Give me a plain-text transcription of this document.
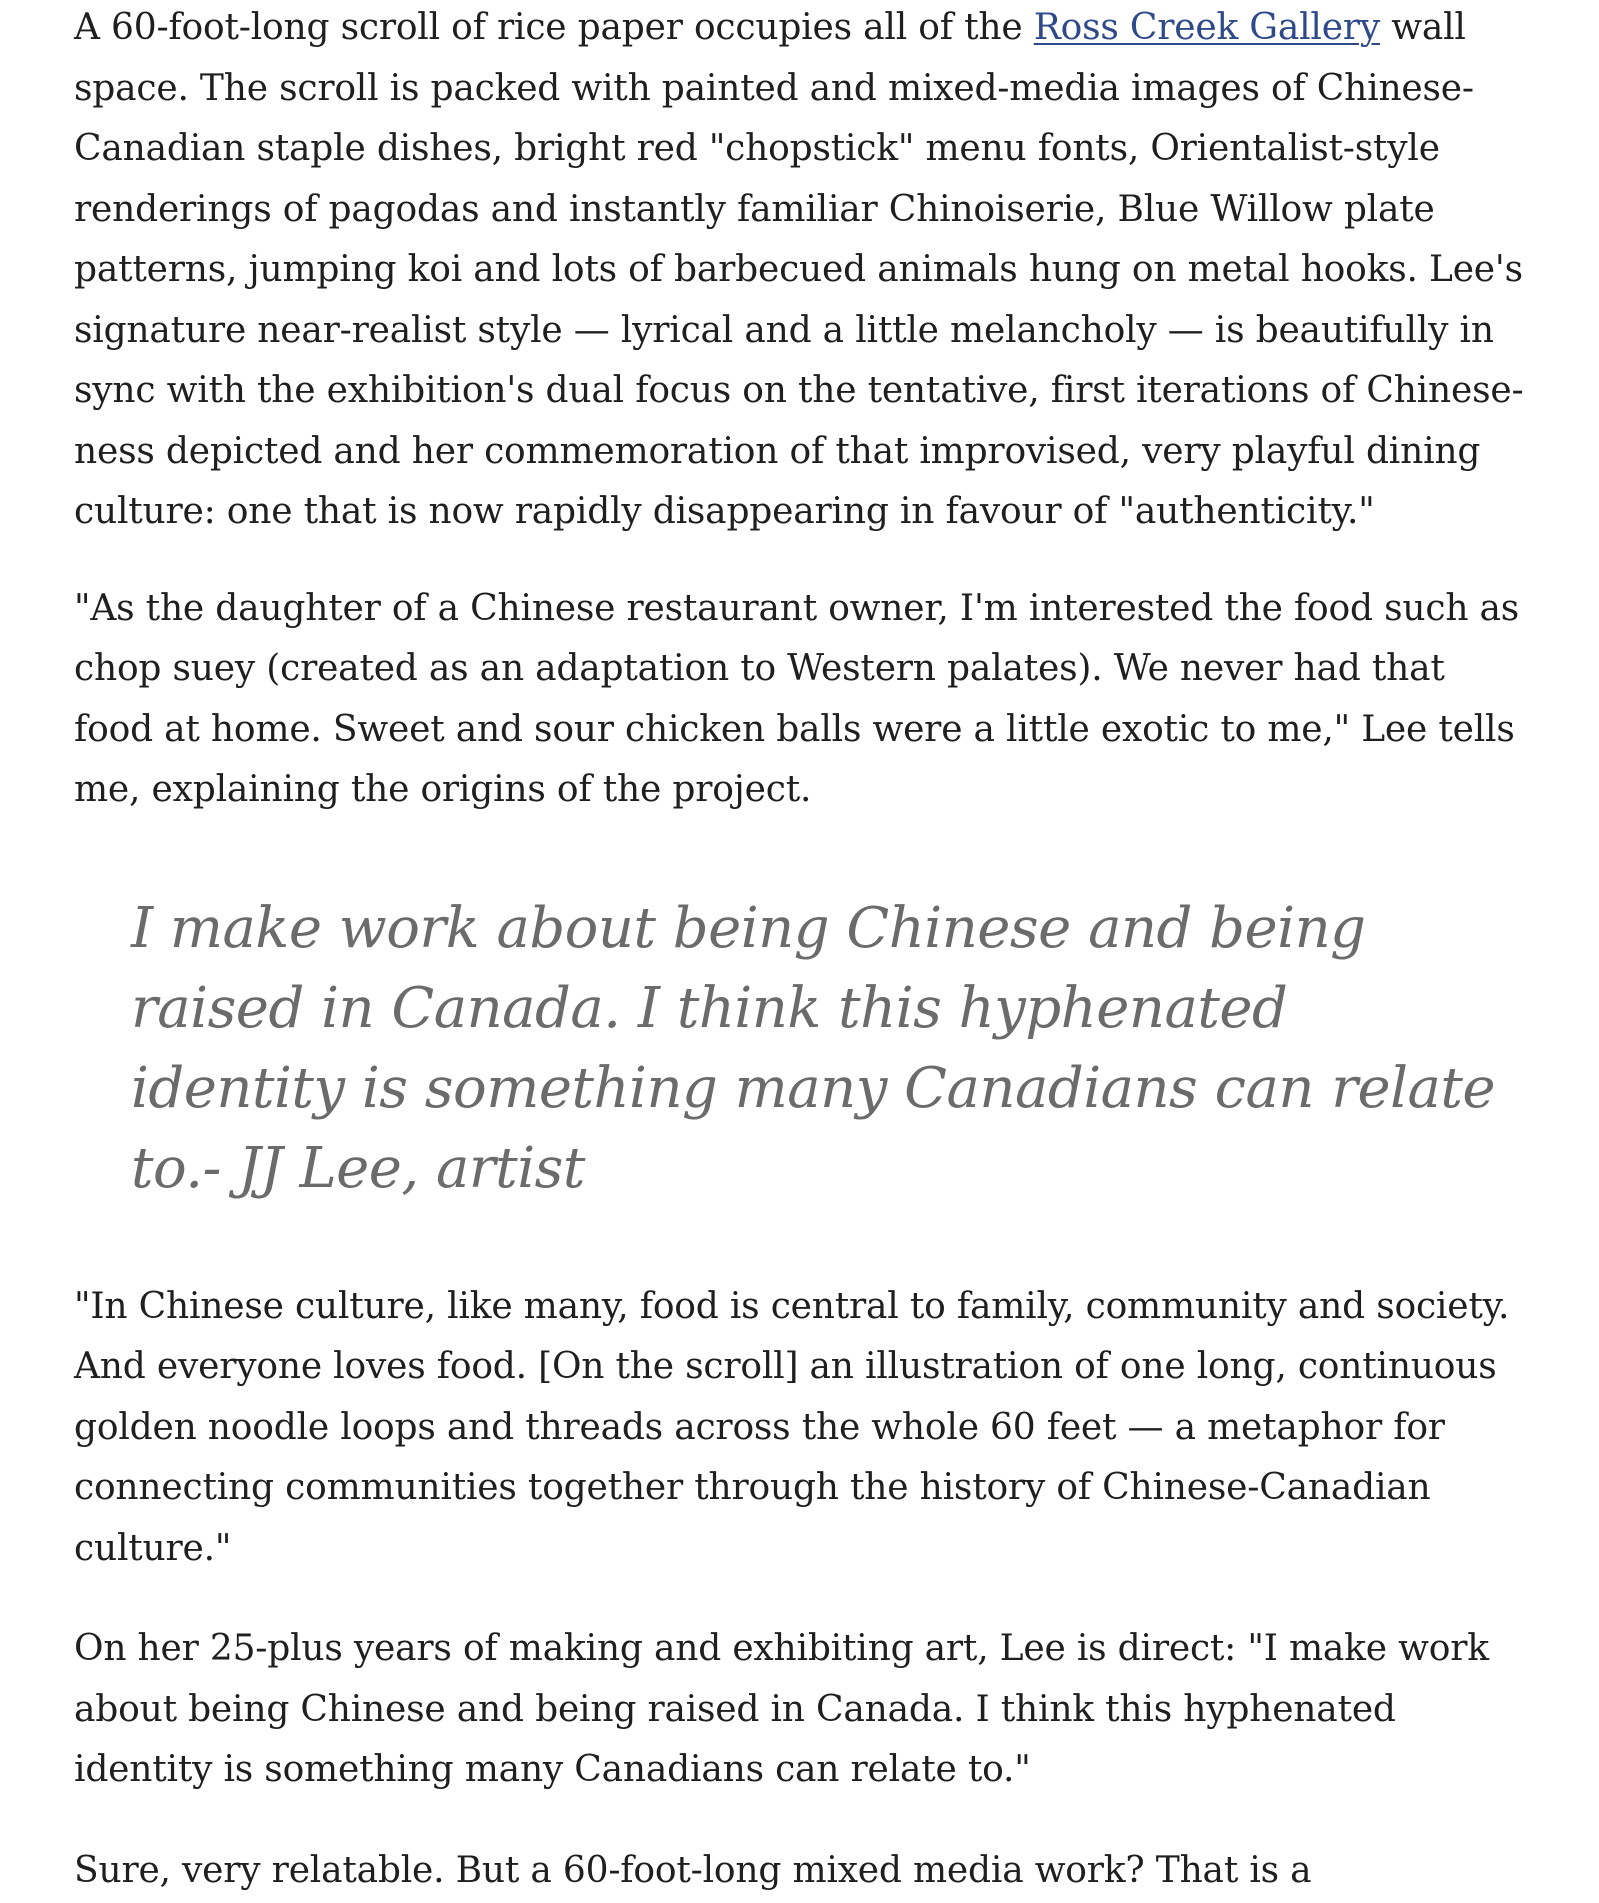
A 60-foot-long scroll of rice paper occupies all of the Ross Creek Gallery wall space. The scroll is packed with painted and mixed-media images of Chinese-Canadian staple dishes, bright red "chopstick" menu fonts, Orientalist-style renderings of pagodas and instantly familiar Chinoiserie, Blue Willow plate patterns, jumping koi and lots of barbecued animals hung on metal hooks. Lee's signature near-realist style — lyrical and a little melancholy — is beautifully in sync with the exhibition's dual focus on the tentative, first iterations of Chinese-ness depicted and her commemoration of that improvised, very playful dining culture: one that is now rapidly disappearing in favour of "authenticity."

"As the daughter of a Chinese restaurant owner, I'm interested the food such as chop suey (created as an adaptation to Western palates). We never had that food at home. Sweet and sour chicken balls were a little exotic to me," Lee tells me, explaining the origins of the project.

I make work about being Chinese and being raised in Canada. I think this hyphenated identity is something many Canadians can relate to.- JJ Lee, artist

"In Chinese culture, like many, food is central to family, community and society. And everyone loves food. [On the scroll] an illustration of one long, continuous golden noodle loops and threads across the whole 60 feet — a metaphor for connecting communities together through the history of Chinese-Canadian culture."

On her 25-plus years of making and exhibiting art, Lee is direct: "I make work about being Chinese and being raised in Canada. I think this hyphenated identity is something many Canadians can relate to."

Sure, very relatable. But a 60-foot-long mixed media work? That is a
